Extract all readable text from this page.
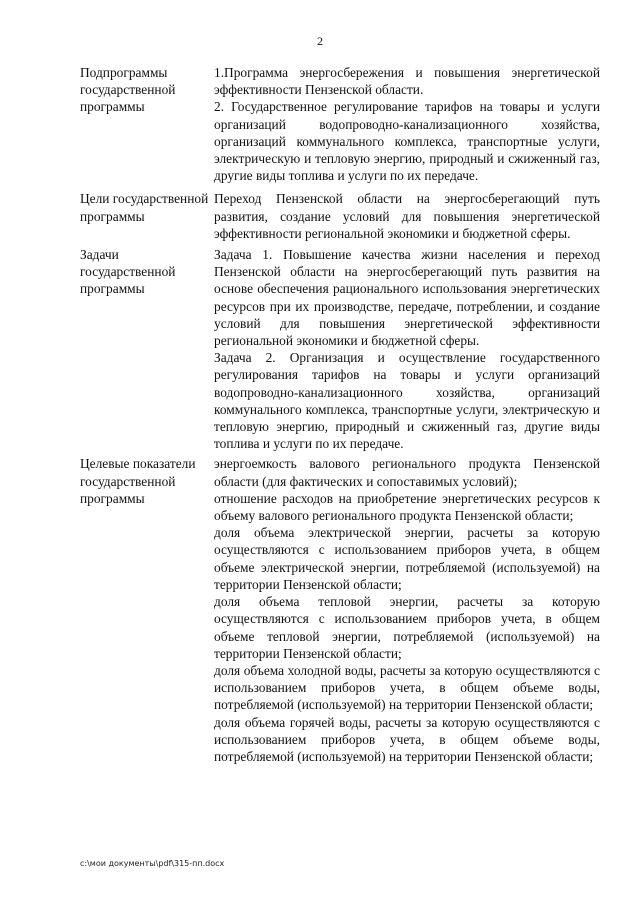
2
Подпрограммы государственной программы

1.Программа энергосбережения и повышения энергетической эффективности Пензенской области.

2. Государственное регулирование тарифов на товары и услуги организаций водопроводно-канализационного хозяйства, организаций коммунального комплекса, транспортные услуги, электрическую и тепловую энергию, природный и сжиженный газ, другие виды топлива и услуги по их передаче.

Цели государственной программы

Переход Пензенской области на энергосберегающий путь развития, создание условий для повышения энергетической эффективности региональной экономики и бюджетной сферы.

Задачи государственной программы

Задача 1. Повышение качества жизни населения и переход Пензенской области на энергосберегающий путь развития на основе обеспечения рационального использования энергетических ресурсов при их производстве, передаче, потреблении, и создание условий для повышения энергетической эффективности региональной экономики и бюджетной сферы.

Задача 2. Организация и осуществление государственного регулирования тарифов на товары и услуги организаций водопроводно-канализационного хозяйства, организаций коммунального комплекса, транспортные услуги, электрическую и тепловую энергию, природный и сжиженный газ, другие виды топлива и услуги по их передаче.

Целевые показатели государственной программы

энергоемкость валового регионального продукта Пензенской области (для фактических и сопоставимых условий);

отношение расходов на приобретение энергетических ресурсов к объему валового регионального продукта Пензенской области;

доля объема электрической энергии, расчеты за которую осуществляются с использованием приборов учета, в общем объеме электрической энергии, потребляемой (используемой) на территории Пензенской области;

доля объема тепловой энергии, расчеты за которую осуществляются с использованием приборов учета, в общем объеме тепловой энергии, потребляемой (используемой) на территории Пензенской области;

доля объема холодной воды, расчеты за которую осуществляются с использованием приборов учета, в общем объеме воды, потребляемой (используемой) на территории Пензенской области;

доля объема горячей воды, расчеты за которую осуществляются с использованием приборов учета, в общем объеме воды, потребляемой (используемой) на территории Пензенской области;

c:\мои документы\pdf\315-пп.docx
